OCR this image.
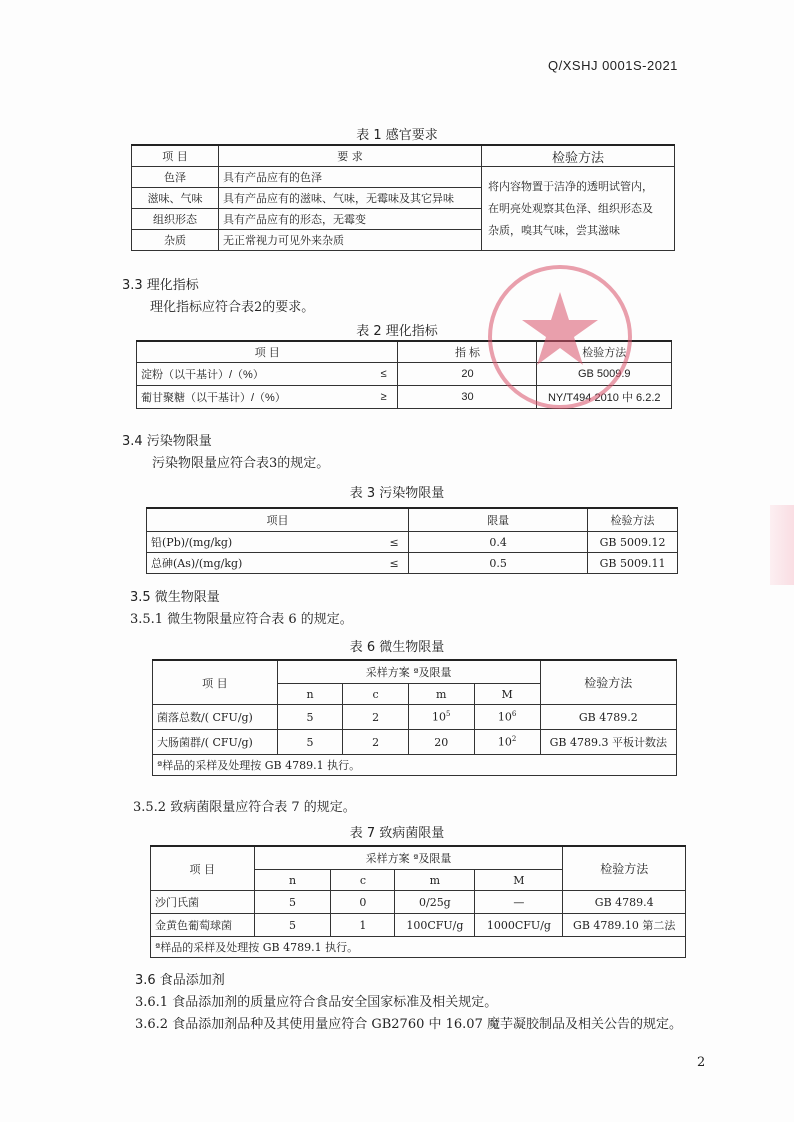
Q/XSHJ 0001S-2021
表 1 感官要求
项 目	要 求	检验方法
色泽	具有产品应有的色泽	将内容物置于洁净的透明试管内，
在明亮处观察其色泽、组织形态及
杂质，嗅其气味，尝其滋味

滋味、气味	具有产品应有的滋味、气味，无霉味及其它异味	
组织形态	具有产品应有的形态，无霉变	
杂质	无正常视力可见外来杂质	
3.3 理化指标
理化指标应符合表2的要求。
表 2 理化指标
项 目		指 标	检验方法
淀粉（以干基计）/（%）	≤	20	GB 5009.9
葡甘聚糖（以干基计）/（%）	≥	30	NY/T494 2010 中 6.2.2
3.4 污染物限量
污染物限量应符合表3的规定。
表 3 污染物限量
项目		限量	检验方法
铅(Pb)/(mg/kg)	≤	0.4	GB 5009.12
总砷(As)/(mg/kg)	≤	0.5	GB 5009.11
3.5 微生物限量
3.5.1 微生物限量应符合表 6 的规定。
表 6 微生物限量
项 目	采样方案 ª及限量				检验方法
	n	c	m	M	
菌落总数/( CFU/g)	5	2	$10^5$	$10^6$	GB 4789.2
大肠菌群/( CFU/g)	5	2	20	$10^2$	GB 4789.3 平板计数法
ª样品的采样及处理按 GB 4789.1 执行。					
3.5.2 致病菌限量应符合表 7 的规定。
表 7 致病菌限量
项 目	采样方案 ª及限量				检验方法
	n	c	m	M	
沙门氏菌	5	0	0/25g	—	GB 4789.4
金黄色葡萄球菌	5	1	100CFU/g	1000CFU/g	GB 4789.10 第二法
ª样品的采样及处理按 GB 4789.1 执行。					
3.6 食品添加剂
3.6.1 食品添加剂的质量应符合食品安全国家标准及相关规定。
3.6.2 食品添加剂品种及其使用量应符合 GB2760 中 16.07 魔芋凝胶制品及相关公告的规定。
2
